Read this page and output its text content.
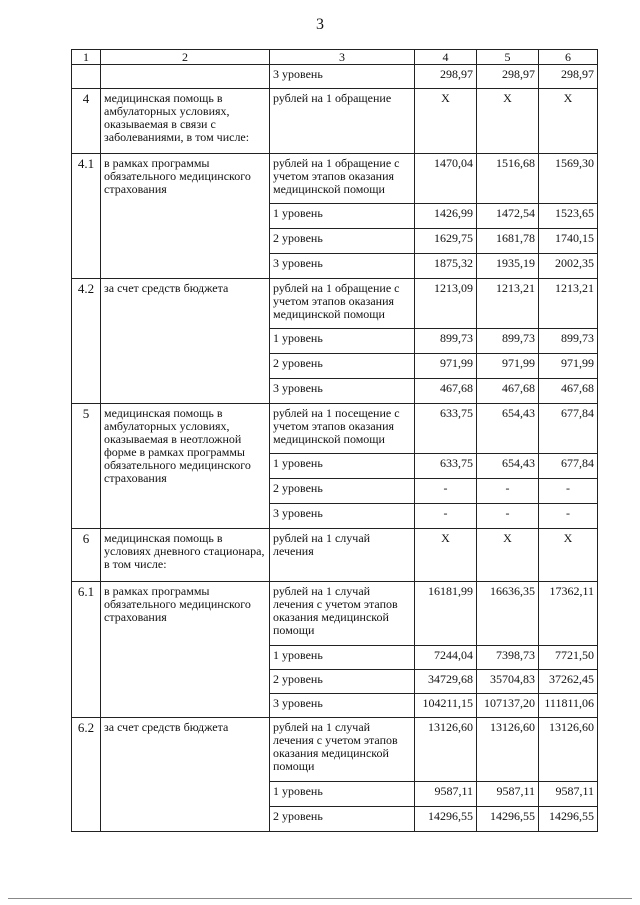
3
1	2	3	4	5	6
		3 уровень	298,97	298,97	298,97
4	медицинская помощь в амбулаторных условиях, оказываемая в связи с заболеваниями, в том числе:	рублей на 1 обращение	X	X	X
4.1	в рамках программы обязательного медицинского страхования	рублей на 1 обращение с учетом этапов оказания медицинской помощи	1470,04	1516,68	1569,30
		1 уровень	1426,99	1472,54	1523,65
		2 уровень	1629,75	1681,78	1740,15
		3 уровень	1875,32	1935,19	2002,35
4.2	за счет средств бюджета	рублей на 1 обращение с учетом этапов оказания медицинской помощи	1213,09	1213,21	1213,21
		1 уровень	899,73	899,73	899,73
		2 уровень	971,99	971,99	971,99
		3 уровень	467,68	467,68	467,68
5	медицинская помощь в амбулаторных условиях, оказываемая в неотложной форме в рамках программы обязательного медицинского страхования	рублей на 1 посещение с учетом этапов оказания медицинской помощи	633,75	654,43	677,84
		1 уровень	633,75	654,43	677,84
		2 уровень	-	-	-
		3 уровень	-	-	-
6	медицинская помощь в условиях дневного стационара, в том числе:	рублей на 1 случай лечения	X	X	X
6.1	в рамках программы обязательного медицинского страхования	рублей на 1 случай лечения с учетом этапов оказания медицинской помощи	16181,99	16636,35	17362,11
		1 уровень	7244,04	7398,73	7721,50
		2 уровень	34729,68	35704,83	37262,45
		3 уровень	104211,15	107137,20	111811,06
6.2	за счет средств бюджета	рублей на 1 случай лечения с учетом этапов оказания медицинской помощи	13126,60	13126,60	13126,60
		1 уровень	9587,11	9587,11	9587,11
		2 уровень	14296,55	14296,55	14296,55
